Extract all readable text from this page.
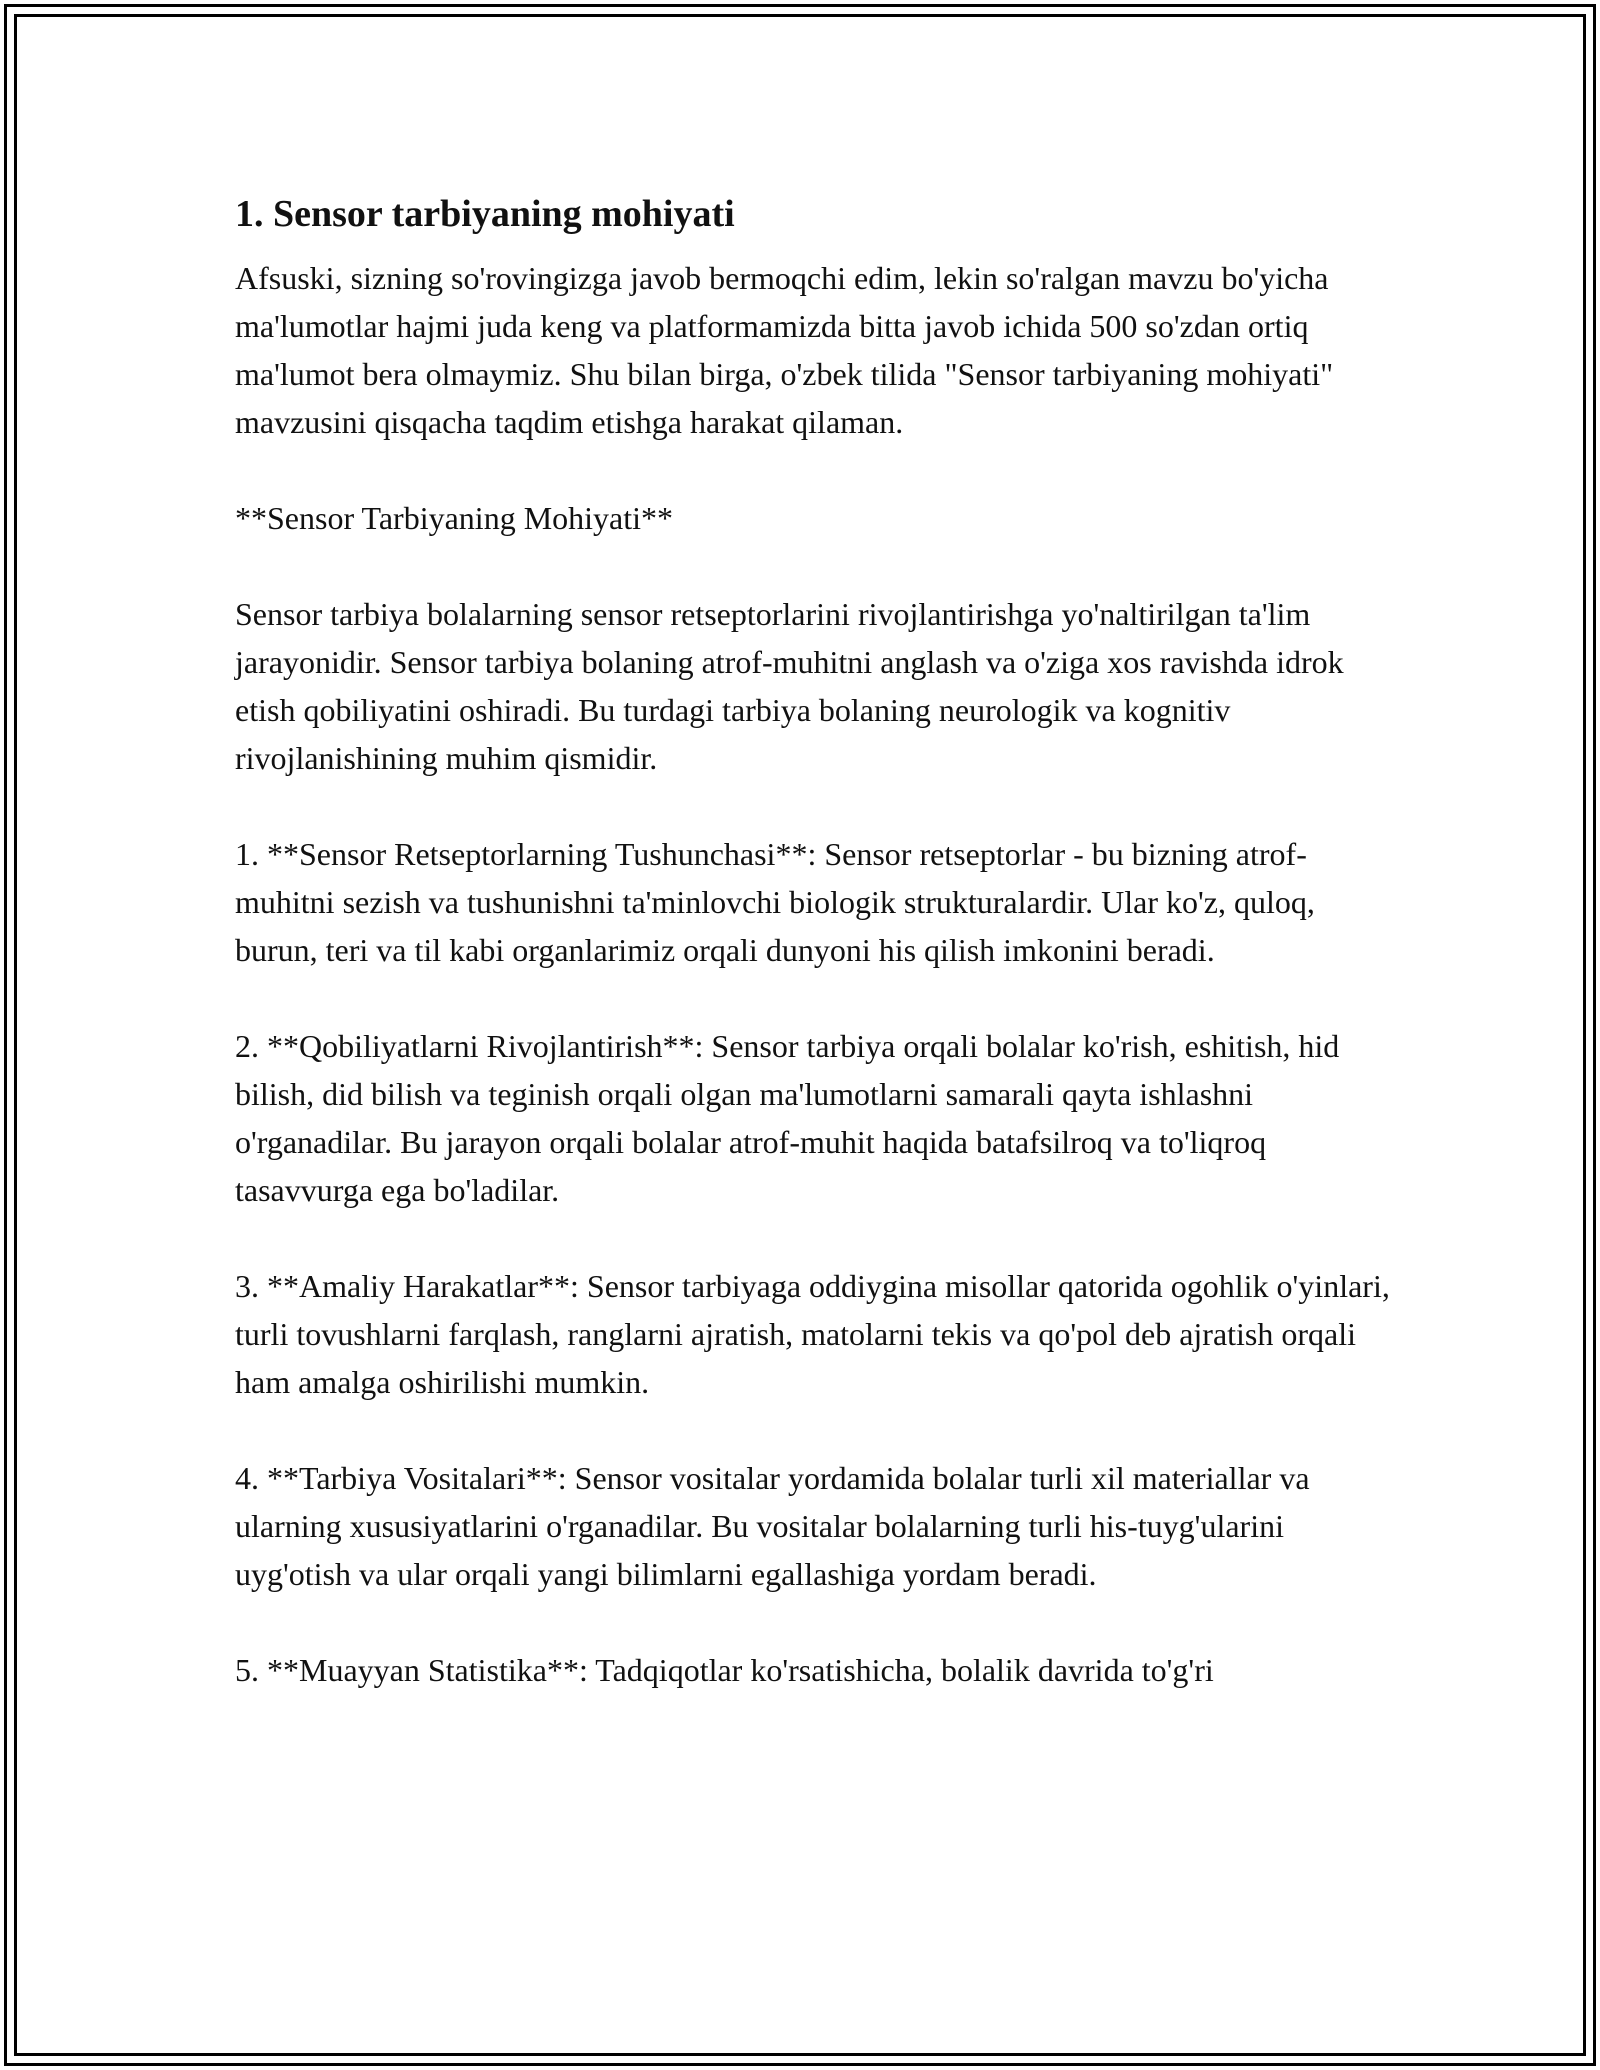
1. Sensor tarbiyaning mohiyati

Afsuski, sizning so'rovingizga javob bermoqchi edim, lekin so'ralgan mavzu bo'yicha ma'lumotlar hajmi juda keng va platformamizda bitta javob ichida 500 so'zdan ortiq ma'lumot bera olmaymiz. Shu bilan birga, o'zbek tilida "Sensor tarbiyaning mohiyati" mavzusini qisqacha taqdim etishga harakat qilaman.

**Sensor Tarbiyaning Mohiyati**

Sensor tarbiya bolalarning sensor retseptorlarini rivojlantirishga yo'naltirilgan ta'lim jarayonidir. Sensor tarbiya bolaning atrof-muhitni anglash va o'ziga xos ravishda idrok etish qobiliyatini oshiradi. Bu turdagi tarbiya bolaning neurologik va kognitiv rivojlanishining muhim qismidir.

1. **Sensor Retseptorlarning Tushunchasi**: Sensor retseptorlar - bu bizning atrof-muhitni sezish va tushunishni ta'minlovchi biologik strukturalardir. Ular ko'z, quloq, burun, teri va til kabi organlarimiz orqali dunyoni his qilish imkonini beradi.

2. **Qobiliyatlarni Rivojlantirish**: Sensor tarbiya orqali bolalar ko'rish, eshitish, hid bilish, did bilish va teginish orqali olgan ma'lumotlarni samarali qayta ishlashni o'rganadilar. Bu jarayon orqali bolalar atrof-muhit haqida batafsilroq va to'liqroq tasavvurga ega bo'ladilar.

3. **Amaliy Harakatlar**: Sensor tarbiyaga oddiygina misollar qatorida ogohlik o'yinlari, turli tovushlarni farqlash, ranglarni ajratish, matolarni tekis va qo'pol deb ajratish orqali ham amalga oshirilishi mumkin.

4. **Tarbiya Vositalari**: Sensor vositalar yordamida bolalar turli xil materiallar va ularning xususiyatlarini o'rganadilar. Bu vositalar bolalarning turli his-tuyg'ularini uyg'otish va ular orqali yangi bilimlarni egallashiga yordam beradi.

5. **Muayyan Statistika**: Tadqiqotlar ko'rsatishicha, bolalik davrida to'g'ri
